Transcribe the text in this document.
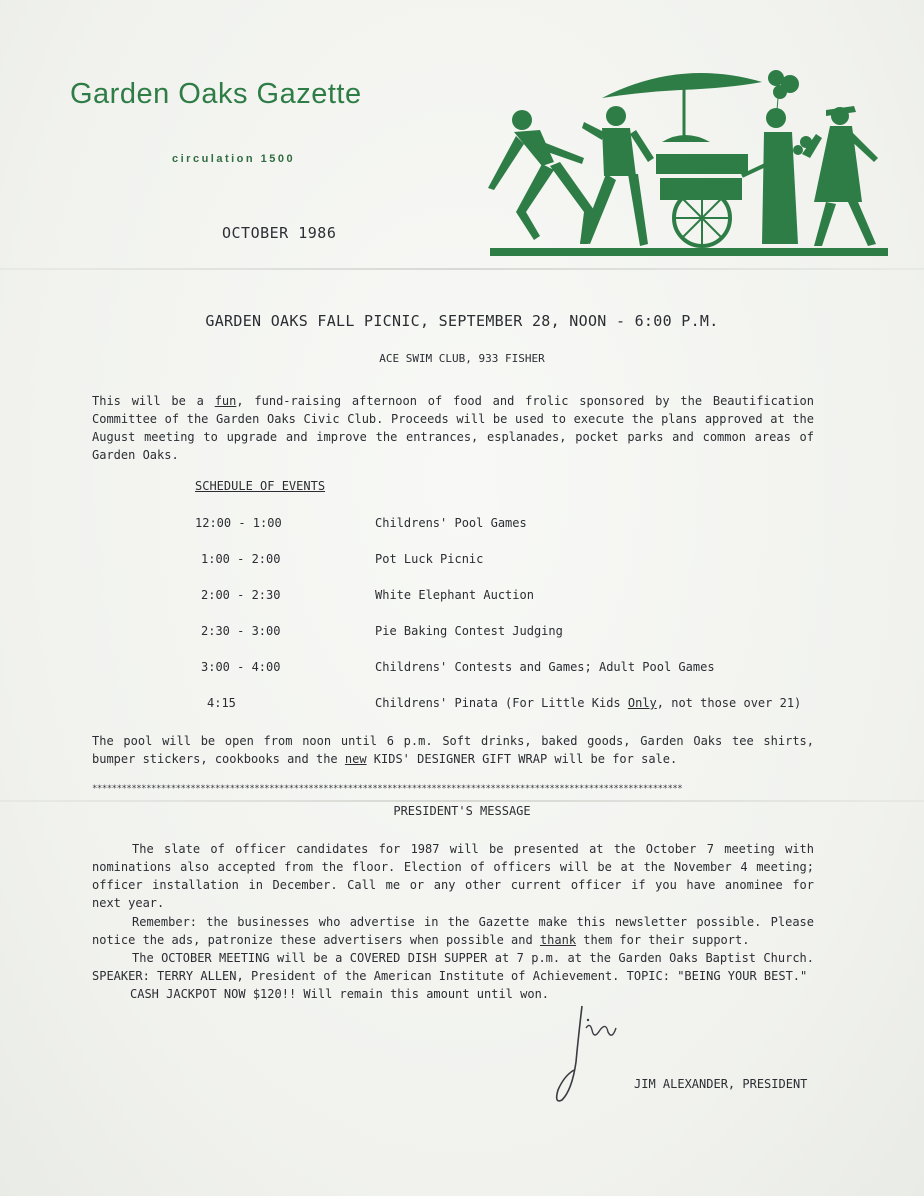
Garden Oaks Gazette
circulation 1500
OCTOBER 1986
GARDEN OAKS FALL PICNIC, SEPTEMBER 28, NOON - 6:00 P.M.
ACE SWIM CLUB, 933 FISHER
This will be a fun, fund-raising afternoon of food and frolic sponsored by the Beautification Committee of the Garden Oaks Civic Club. Proceeds will be used to execute the plans approved at the August meeting to upgrade and improve the entrances, esplanades, pocket parks and common areas of Garden Oaks.
SCHEDULE OF EVENTS
12:00 - 1:00	Childrens' Pool Games
1:00 - 2:00	Pot Luck Picnic
2:00 - 2:30	White Elephant Auction
2:30 - 3:00	Pie Baking Contest Judging
3:00 - 4:00	Childrens' Contests and Games; Adult Pool Games
4:15	Childrens' Pinata (For Little Kids Only, not those over 21)
The pool will be open from noon until 6 p.m. Soft drinks, baked goods, Garden Oaks tee shirts, bumper stickers, cookbooks and the new KIDS' DESIGNER GIFT WRAP will be for sale.
************************************************************************************************************************
PRESIDENT'S MESSAGE
The slate of officer candidates for 1987 will be presented at the October 7 meeting with nominations also accepted from the floor. Election of officers will be at the November 4 meeting; officer installation in December. Call me or any other current officer if you have anominee for next year.
Remember: the businesses who advertise in the Gazette make this newsletter possible. Please notice the ads, patronize these advertisers when possible and thank them for their support.
The OCTOBER MEETING will be a COVERED DISH SUPPER at 7 p.m. at the Garden Oaks Baptist Church. SPEAKER: TERRY ALLEN, President of the American Institute of Achievement. TOPIC: "BEING YOUR BEST."
CASH JACKPOT NOW $120!! Will remain this amount until won.
JIM ALEXANDER, PRESIDENT
